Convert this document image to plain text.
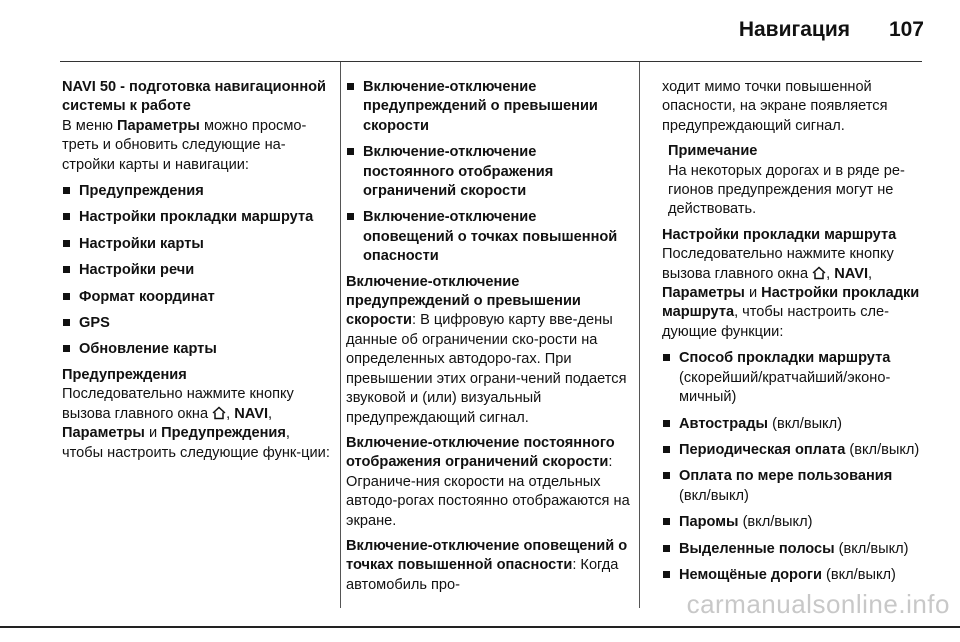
Навигация 107
NAVI 50 - подготовка навигационной системы к работе
В меню Параметры можно просмо-треть и обновить следующие на-стройки карты и навигации:
Предупреждения
Настройки прокладки маршрута
Настройки карты
Настройки речи
Формат координат
GPS
Обновление карты
Предупреждения
Последовательно нажмите кнопку вызова главного окна , NAVI, Параметры и Предупреждения, чтобы настроить следующие функ-ции:
Включение-отключение предупреждений о превышении скорости
Включение-отключение постоянного отображения ограничений скорости
Включение-отключение оповещений о точках повышенной опасности
Включение-отключение предупреждений о превышении скорости: В цифровую карту вве-дены данные об ограничении ско-рости на определенных автодоро-гах. При превышении этих ограни-чений подается звуковой и (или) визуальный предупреждающий сигнал.
Включение-отключение постоянного отображения ограничений скорости: Ограниче-ния скорости на отдельных автодо-рогах постоянно отображаются на экране.
Включение-отключение оповещений о точках повышенной опасности: Когда автомобиль про-
ходит мимо точки повышенной опасности, на экране появляется предупреждающий сигнал.
Примечание
На некоторых дорогах и в ряде ре-гионов предупреждения могут не действовать.
Настройки прокладки маршрута
Последовательно нажмите кнопку вызова главного окна , NAVI, Параметры и Настройки прокладки маршрута, чтобы настроить сле-дующие функции:
Способ прокладки маршрута (скорейший/кратчайший/эконо-мичный)
Автострады (вкл/выкл)
Периодическая оплата (вкл/выкл)
Оплата по мере пользования (вкл/выкл)
Паромы (вкл/выкл)
Выделенные полосы (вкл/выкл)
Немощёные дороги (вкл/выкл)
carmanualsonline.info
